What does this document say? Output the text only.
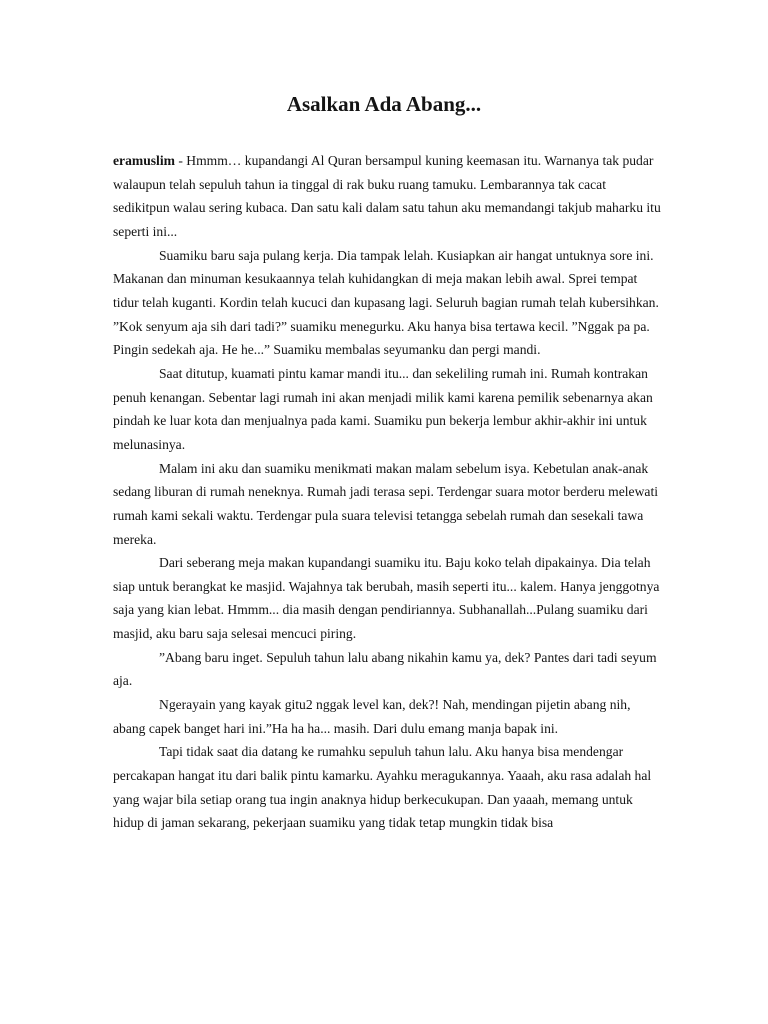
Asalkan Ada Abang...

eramuslim - Hmmm… kupandangi Al Quran bersampul kuning keemasan itu. Warnanya tak pudar walaupun telah sepuluh tahun ia tinggal di rak buku ruang tamuku. Lembarannya tak cacat sedikitpun walau sering kubaca. Dan satu kali dalam satu tahun aku memandangi takjub maharku itu seperti ini...

Suamiku baru saja pulang kerja. Dia tampak lelah. Kusiapkan air hangat untuknya sore ini. Makanan dan minuman kesukaannya telah kuhidangkan di meja makan lebih awal. Sprei tempat tidur telah kuganti. Kordin telah kucuci dan kupasang lagi. Seluruh bagian rumah telah kubersihkan.

”Kok senyum aja sih dari tadi?” suamiku menegurku. Aku hanya bisa tertawa kecil. ”Nggak pa pa. Pingin sedekah aja. He he...” Suamiku membalas seyumanku dan pergi mandi.

Saat ditutup, kuamati pintu kamar mandi itu... dan sekeliling rumah ini. Rumah kontrakan penuh kenangan. Sebentar lagi rumah ini akan menjadi milik kami karena pemilik sebenarnya akan pindah ke luar kota dan menjualnya pada kami. Suamiku pun bekerja lembur akhir-akhir ini untuk melunasinya.

Malam ini aku dan suamiku menikmati makan malam sebelum isya. Kebetulan anak-anak sedang liburan di rumah neneknya. Rumah jadi terasa sepi. Terdengar suara motor berderu melewati rumah kami sekali waktu. Terdengar pula suara televisi tetangga sebelah rumah dan sesekali tawa mereka.

Dari seberang meja makan kupandangi suamiku itu. Baju koko telah dipakainya. Dia telah siap untuk berangkat ke masjid. Wajahnya tak berubah, masih seperti itu... kalem. Hanya jenggotnya saja yang kian lebat. Hmmm... dia masih dengan pendiriannya. Subhanallah...Pulang suamiku dari masjid, aku baru saja selesai mencuci piring.

”Abang baru inget. Sepuluh tahun lalu abang nikahin kamu ya, dek? Pantes dari tadi seyum aja.

Ngerayain yang kayak gitu2 nggak level kan, dek?! Nah, mendingan pijetin abang nih, abang capek banget hari ini.”Ha ha ha... masih. Dari dulu emang manja bapak ini.

Tapi tidak saat dia datang ke rumahku sepuluh tahun lalu. Aku hanya bisa mendengar percakapan hangat itu dari balik pintu kamarku. Ayahku meragukannya. Yaaah, aku rasa adalah hal yang wajar bila setiap orang tua ingin anaknya hidup berkecukupan. Dan yaaah, memang untuk hidup di jaman sekarang, pekerjaan suamiku yang tidak tetap mungkin tidak bisa
